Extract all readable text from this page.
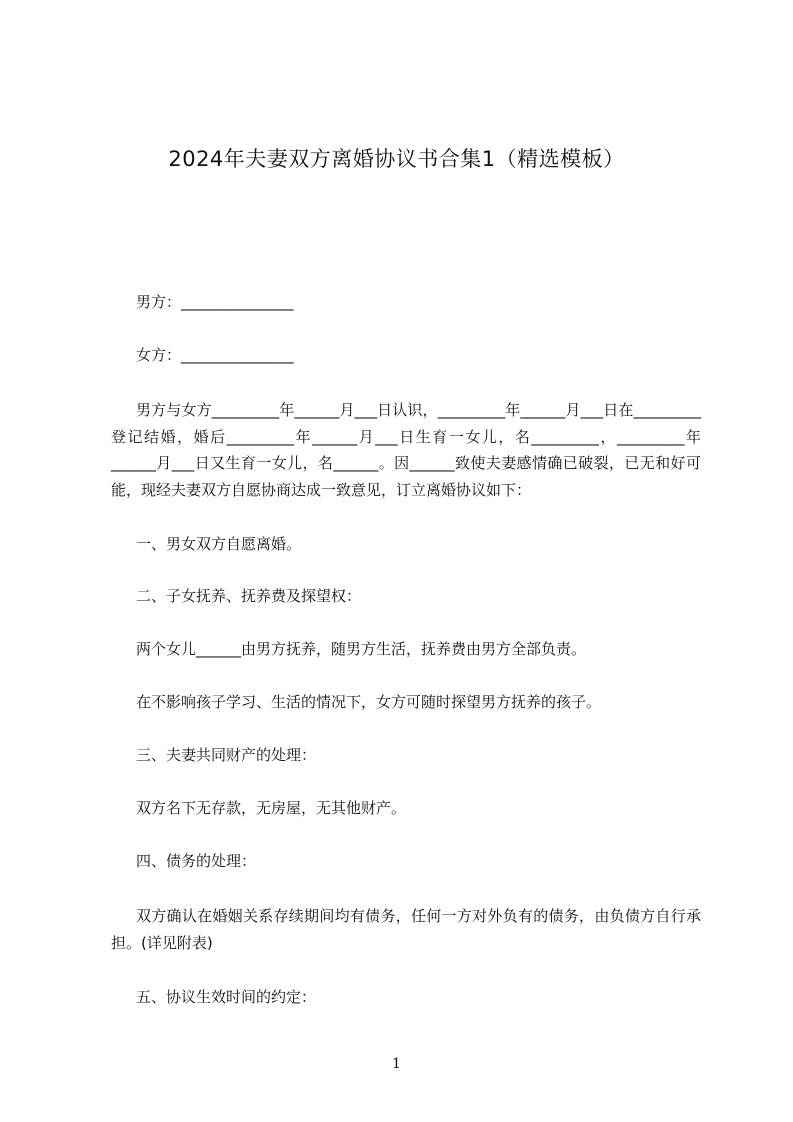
2024年夫妻双方离婚协议书合集1（精选模板）
男方：_______________
女方：_______________
男方与女方_________年______月___日认识，_________年______月___日在_________登记结婚，婚后_________年______月___日生育一女儿，名_________，_________年______月___日又生育一女儿，名______。因______致使夫妻感情确已破裂，已无和好可能，现经夫妻双方自愿协商达成一致意见，订立离婚协议如下：
一、男女双方自愿离婚。
二、子女抚养、抚养费及探望权：
两个女儿______由男方抚养，随男方生活，抚养费由男方全部负责。
在不影响孩子学习、生活的情况下，女方可随时探望男方抚养的孩子。
三、夫妻共同财产的处理：
双方名下无存款，无房屋，无其他财产。
四、债务的处理：
双方确认在婚姻关系存续期间均有债务，任何一方对外负有的债务，由负债方自行承担。(详见附表)
五、协议生效时间的约定：
1
